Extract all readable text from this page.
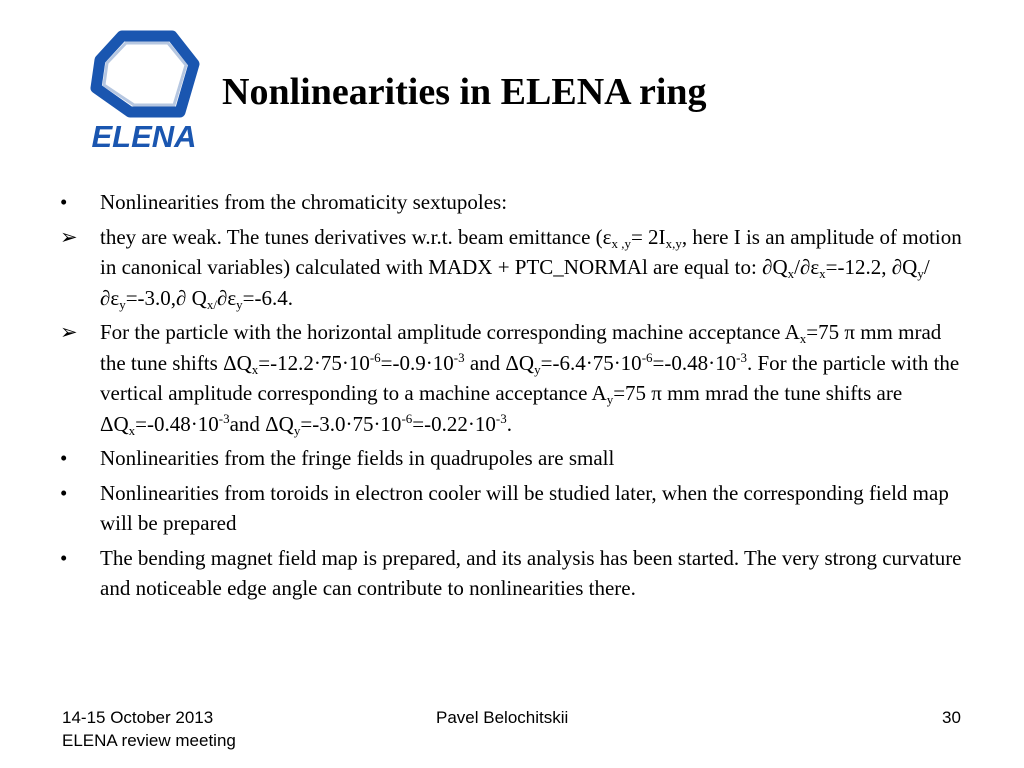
ELENA
Nonlinearities in ELENA ring
•	Nonlinearities from the chromaticity sextupoles:
➢	they are weak. The tunes derivatives w.r.t. beam emittance ($\varepsilon_{x ,y}= 2I_{x,y}$, here I is an amplitude of motion in canonical variables) calculated with MADX + PTC_NORMAl are equal to: $\partial Q_x/\partial\varepsilon_x=-12.2$, $\partial Q_y/\partial\varepsilon_y=-3.0,\partial$ $Q_{x/}\partial\varepsilon_y=-6.4$.
➢	For the particle with the horizontal amplitude corresponding machine acceptance $A_x=75$ π mm mrad the tune shifts $\Delta Q_x=-12.2\cdot 75\cdot 10^{-6}=-0.9\cdot 10^{-3}$ and $\Delta Q_y=-6.4\cdot 75\cdot 10^{-6}=-0.48\cdot 10^{-3}$. For the particle with the vertical amplitude corresponding to a machine acceptance $A_y=75$ π mm mrad the tune shifts are $\Delta Q_x=-0.48\cdot 10^{-3}and$ $\Delta Q_y=-3.0\cdot 75\cdot 10^{-6}=-0.22\cdot 10^{-3}$.
•	Nonlinearities from the fringe fields in quadrupoles are small
•	Nonlinearities from toroids in electron cooler will be studied later, when the corresponding field map will be prepared
•	The bending magnet field map is prepared, and its analysis has been started. The very strong curvature and noticeable edge angle can contribute to nonlinearities there.
14-15 October 2013
ELENA review meeting
Pavel Belochitskii	30
